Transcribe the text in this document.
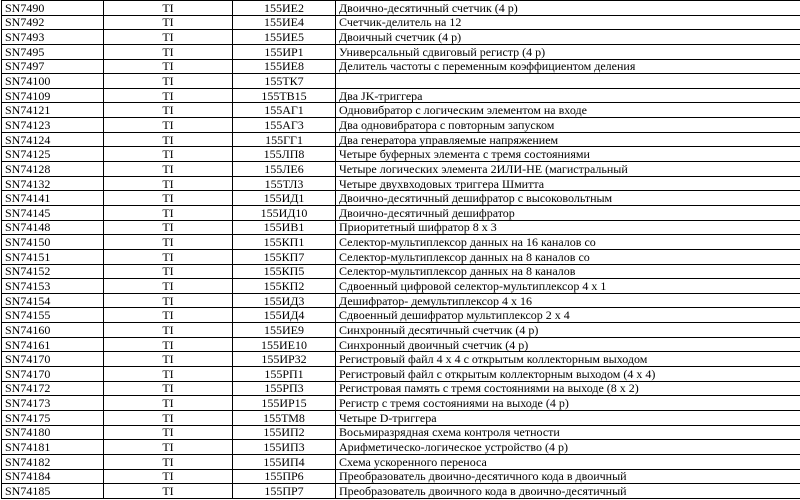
SN7490	TI	155ИЕ2	Двоично-десятичный счетчик (4 р)
SN7492	TI	155ИЕ4	Счетчик-делитель на 12
SN7493	TI	155ИЕ5	Двоичный счетчик (4 р)
SN7495	TI	155ИР1	Универсальный сдвиговый регистр (4 р)
SN7497	TI	155ИЕ8	Делитель частоты с переменным коэффициентом деления
SN74100	TI	155ТК7	
SN74109	TI	155ТВ15	Два JK-триггера
SN74121	TI	155АГ1	Одновибратор с логическим элементом на входе
SN74123	TI	155АГ3	Два одновибратора с повторным запуском
SN74124	TI	155ГГ1	Два генератора управляемые напряжением
SN74125	TI	155ЛП8	Четыре буферных элемента с тремя состояниями
SN74128	TI	155ЛЕ6	Четыре логических элемента 2ИЛИ-НЕ (магистральный
SN74132	TI	155ТЛ3	Четыре двухвходовых триггера Шмитта
SN74141	TI	155ИД1	Двоично-десятичный дешифратор с высоковольтным
SN74145	TI	155ИД10	Двоично-десятичный дешифратор
SN74148	TI	155ИВ1	Приоритетный шифратор 8 х 3
SN74150	TI	155КП1	Селектор-мультиплексор данных на 16 каналов со
SN74151	TI	155КП7	Селектор-мультиплексор данных на 8 каналов со
SN74152	TI	155КП5	Селектор-мультиплексор данных на 8 каналов
SN74153	TI	155КП2	Сдвоенный цифровой селектор-мультиплексор 4 х 1
SN74154	TI	155ИД3	Дешифратор- демультиплексор 4 х 16
SN74155	TI	155ИД4	Сдвоенный дешифратор мультиплексор 2 х 4
SN74160	TI	155ИЕ9	Синхронный десятичный счетчик (4 р)
SN74161	TI	155ИЕ10	Синхронный двоичный счетчик (4 р)
SN74170	TI	155ИР32	Регистровый файл 4 х 4 с открытым коллекторным выходом
SN74170	TI	155РП1	Регистровый файл с открытым коллекторным выходом (4 х 4)
SN74172	TI	155РП3	Регистровая память с тремя состояниями на выходе (8 х 2)
SN74173	TI	155ИР15	Регистр с тремя состояниями на выходе (4 р)
SN74175	TI	155ТМ8	Четыре D-триггера
SN74180	TI	155ИП2	Восьмиразрядная схема контроля четности
SN74181	TI	155ИП3	Арифметическо-логическое устройство (4 р)
SN74182	TI	155ИП4	Схема ускоренного переноса
SN74184	TI	155ПР6	Преобразователь двоично-десятичного кода в двоичный
SN74185	TI	155ПР7	Преобразователь двоичного кода в двоично-десятичный
